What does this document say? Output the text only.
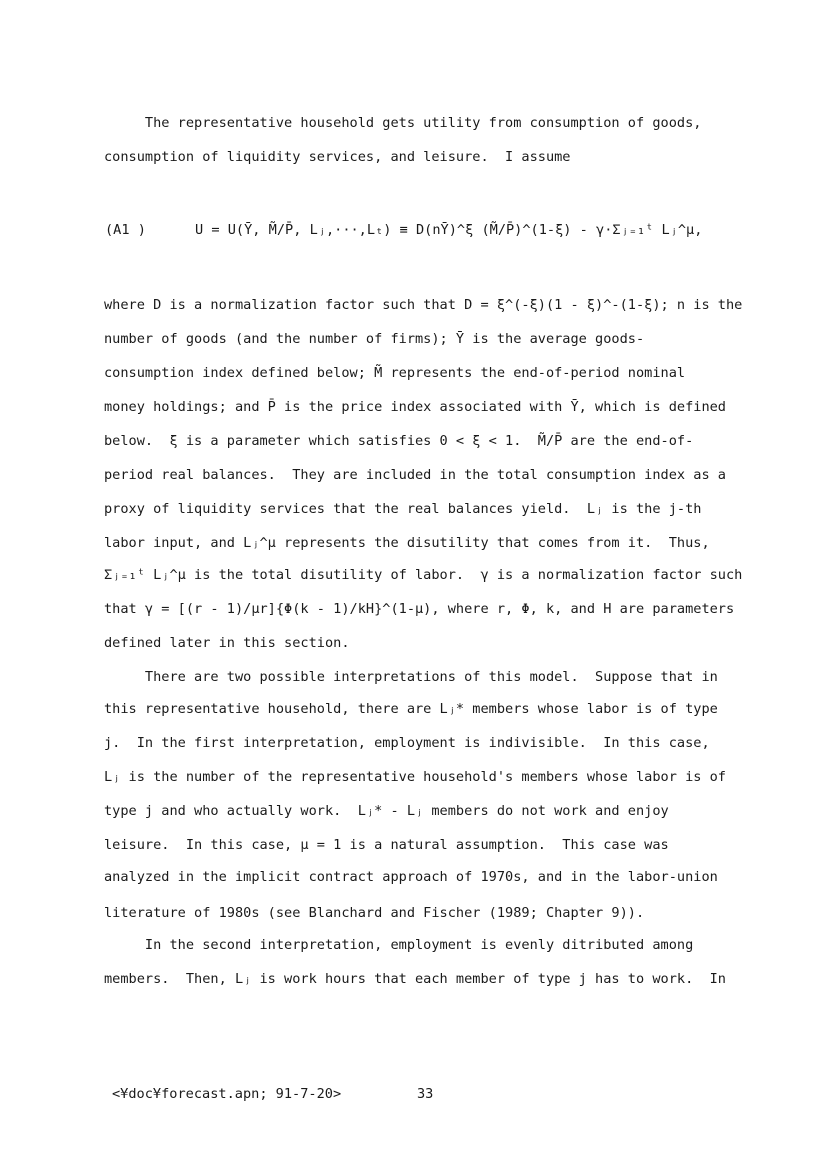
The representative household gets utility from consumption of goods,
consumption of liquidity services, and leisure.  I assume
(A1 )	U = U(Ȳ, M̃/P̄, Lⱼ,···,Lₜ) ≡ D(nȲ)^ξ (M̃/P̄)^(1-ξ) - γ·Σⱼ₌₁ᵗ Lⱼ^μ,
where D is a normalization factor such that D = ξ^(-ξ)(1 - ξ)^-(1-ξ); n is the
number of goods (and the number of firms); Ȳ is the average goods-
consumption index defined below; M̃ represents the end-of-period nominal
money holdings; and P̄ is the price index associated with Ȳ, which is defined
below.  ξ is a parameter which satisfies 0 < ξ < 1.  M̃/P̄ are the end-of-
period real balances.  They are included in the total consumption index as a
proxy of liquidity services that the real balances yield.  Lⱼ is the j-th
labor input, and Lⱼ^μ represents the disutility that comes from it.  Thus,
Σⱼ₌₁ᵗ Lⱼ^μ is the total disutility of labor.  γ is a normalization factor such
that γ = [(r - 1)/μr]{Φ(k - 1)/kH}^(1-μ), where r, Φ, k, and H are parameters
defined later in this section.
There are two possible interpretations of this model.  Suppose that in
this representative household, there are Lⱼ* members whose labor is of type
j.  In the first interpretation, employment is indivisible.  In this case,
Lⱼ is the number of the representative household's members whose labor is of
type j and who actually work.  Lⱼ* - Lⱼ members do not work and enjoy
leisure.  In this case, μ = 1 is a natural assumption.  This case was
analyzed in the implicit contract approach of 1970s, and in the labor-union
literature of 1980s (see Blanchard and Fischer (1989; Chapter 9)).
In the second interpretation, employment is evenly ditributed among
members.  Then, Lⱼ is work hours that each member of type j has to work.  In
<¥doc¥forecast.apn; 91-7-20>	33
